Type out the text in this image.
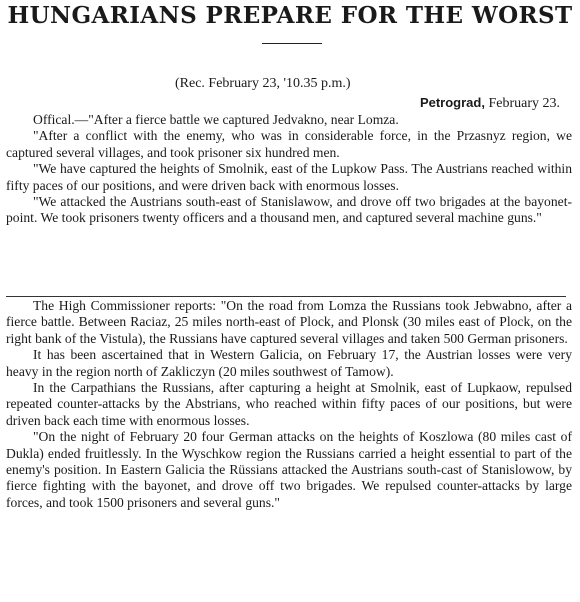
HUNGARIANS PREPARE FOR THE WORST
(Rec. February 23, '10.35 p.m.)
Petrograd, February 23.

Offical.—"After a fierce battle we captured Jedvakno, near Lomza.

"After a conflict with the enemy, who was in considerable force, in the Przasnyz region, we captured several villages, and took prisoner six hundred men.

"We have captured the heights of Smolnik, east of the Lupkow Pass. The Austrians reached within fifty paces of our positions, and were driven back with enormous losses.

"We attacked the Austrians south-east of Stanislawow, and drove off two brigades at the bayonet-point. We took prisoners twenty officers and a thousand men, and captured several machine guns."

The High Commissioner reports: "On the road from Lomza the Russians took Jebwabno, after a fierce battle. Between Raciaz, 25 miles north-east of Plock, and Plonsk (30 miles east of Plock, on the right bank of the Vistula), the Russians have captured several villages and taken 500 German prisoners.

It has been ascertained that in Western Galicia, on February 17, the Austrian losses were very heavy in the region north of Zakliczyn (20 miles southwest of Tamow).

In the Carpathians the Russians, after capturing a height at Smolnik, east of Lupkaow, repulsed repeated counter-attacks by the Abstrians, who reached within fifty paces of our positions, but were driven back each time with enormous losses.

"On the night of February 20 four German attacks on the heights of Koszlowa (80 miles cast of Dukla) ended fruitlessly. In the Wyschkow region the Russians carried a height essential to part of the enemy's position. In Eastern Galicia the Rüssians attacked the Austrians south-cast of Stanislowow, by fierce fighting with the bayonet, and drove off two brigades. We repulsed counter-attacks by large forces, and took 1500 prisoners and several guns."
